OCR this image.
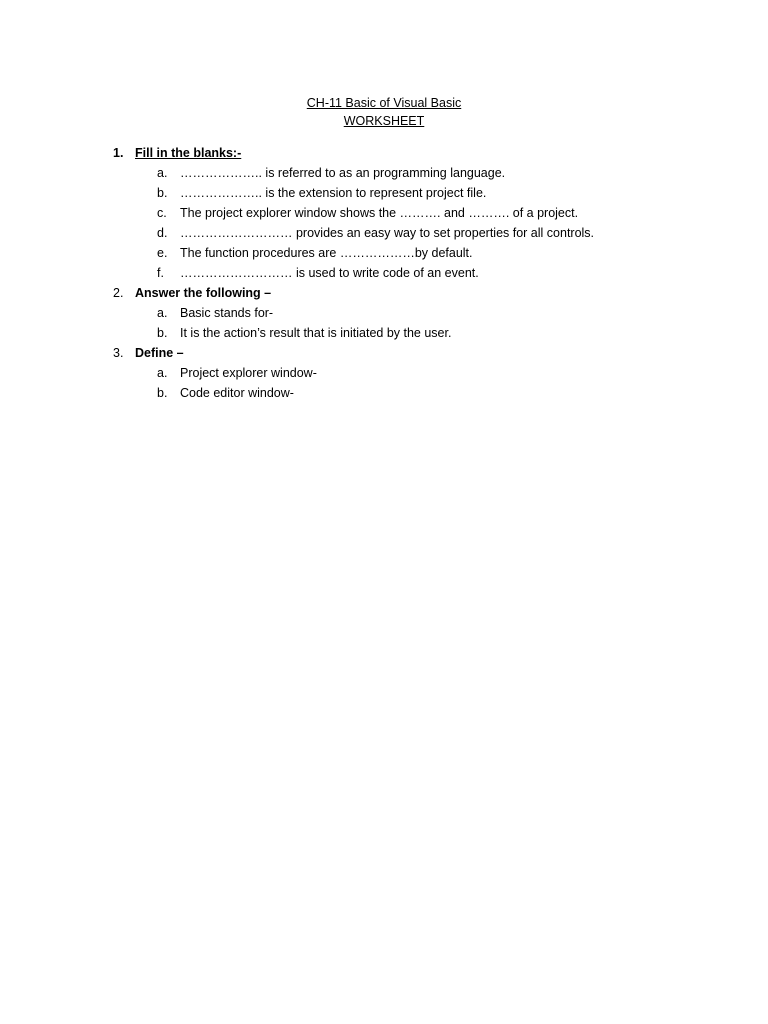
CH-11 Basic of Visual Basic
WORKSHEET
1. Fill in the blanks:-
a.	……………….. is referred to as an programming language.
b.	……………….. is the extension to represent project file.
c.	The project explorer window shows the ………. and ………. of a project.
d.	……………………… provides an easy way to set properties for all controls.
e.	The function procedures are ………………by default.
f.	……………………… is used to write code of an event.
2. Answer the following –
a.	Basic stands for-
b.	It is the action’s result that is initiated by the user.
3. Define –
a.	Project explorer window-
b.	Code editor window-
